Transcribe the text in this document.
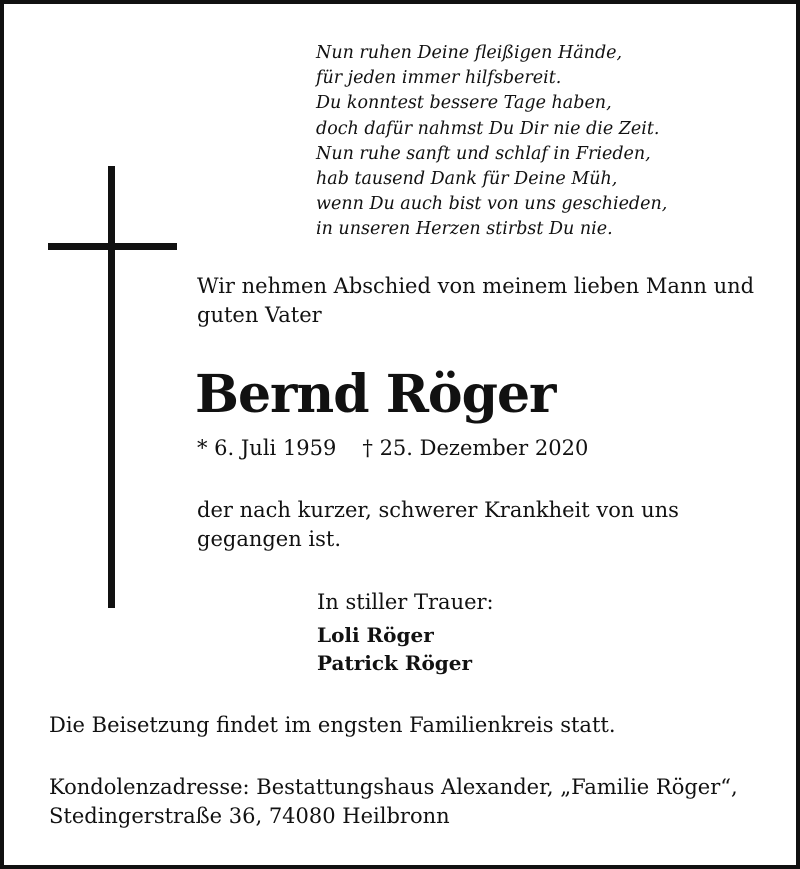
Nun ruhen Deine fleißigen Hände,
für jeden immer hilfsbereit.
Du konntest bessere Tage haben,
doch dafür nahmst Du Dir nie die Zeit.
Nun ruhe sanft und schlaf in Frieden,
hab tausend Dank für Deine Müh,
wenn Du auch bist von uns geschieden,
in unseren Herzen stirbst Du nie.

Wir nehmen Abschied von meinem lieben Mann und guten Vater

Bernd Röger

* 6. Juli 1959 † 25. Dezember 2020

der nach kurzer, schwerer Krankheit von uns gegangen ist.

In stiller Trauer:

Loli Röger
Patrick Röger

Die Beisetzung findet im engsten Familienkreis statt.

Kondolenzadresse: Bestattungshaus Alexander, „Familie Röger“,
Stedingerstraße 36, 74080 Heilbronn
